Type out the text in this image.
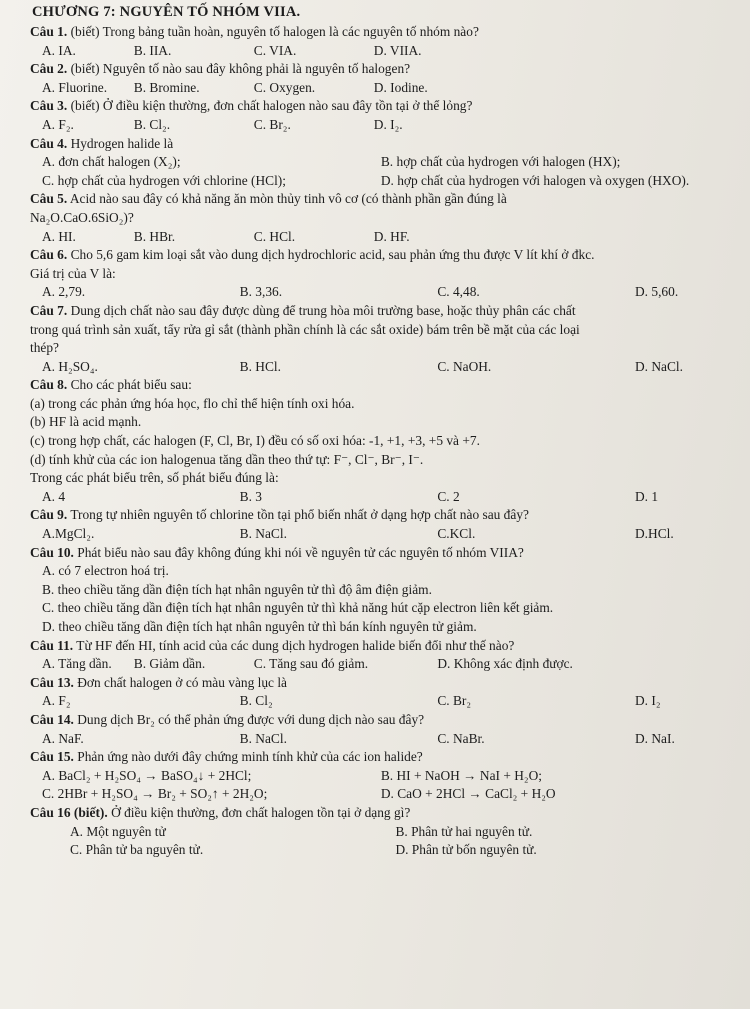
CHƯƠNG 7: NGUYÊN TỐ NHÓM VIIA.
Câu 1. (biết) Trong bảng tuần hoàn, nguyên tố halogen là các nguyên tố nhóm nào?
A. IA.	B. IIA.	C. VIA.	D. VIIA.
Câu 2. (biết) Nguyên tố nào sau đây không phải là nguyên tố halogen?
A. Fluorine.	B. Bromine.	C. Oxygen.	D. Iodine.
Câu 3. (biết) Ở điều kiện thường, đơn chất halogen nào sau đây tồn tại ở thể lỏng?
A. F₂.	B. Cl₂.	C. Br₂.	D. I₂.
Câu 4. Hydrogen halide là
A. đơn chất halogen (X₂);	B. hợp chất của hydrogen với halogen (HX);
C. hợp chất của hydrogen với chlorine (HCl);	D. hợp chất của hydrogen với halogen và oxygen (HXO).
Câu 5. Acid nào sau đây có khả năng ăn mòn thủy tinh vô cơ (có thành phần gần đúng là
Na₂O.CaO.6SiO₂)?
A. HI.	B. HBr.	C. HCl.	D. HF.
Câu 6. Cho 5,6 gam kim loại sắt vào dung dịch hydrochloric acid, sau phản ứng thu được V lít khí ở đkc.
Giá trị của V là:
A. 2,79.	B. 3,36.	C. 4,48.	D. 5,60.
Câu 7. Dung dịch chất nào sau đây được dùng để trung hòa môi trường base, hoặc thủy phân các chất
trong quá trình sản xuất, tẩy rửa gỉ sắt (thành phần chính là các sắt oxide) bám trên bề mặt của các loại
thép?
A. H₂SO₄.	B. HCl.	C. NaOH.	D. NaCl.
Câu 8. Cho các phát biểu sau:
(a) trong các phản ứng hóa học, flo chỉ thể hiện tính oxi hóa.
(b) HF là acid mạnh.
(c) trong hợp chất, các halogen (F, Cl, Br, I) đều có số oxi hóa: -1, +1, +3, +5 và +7.
(d) tính khử của các ion halogenua tăng dần theo thứ tự: F⁻, Cl⁻, Br⁻, I⁻.
Trong các phát biểu trên, số phát biểu đúng là:
A. 4	B. 3	C. 2	D. 1
Câu 9. Trong tự nhiên nguyên tố chlorine tồn tại phổ biến nhất ở dạng hợp chất nào sau đây?
A.MgCl₂.	B. NaCl.	C.KCl.	D.HCl.
Câu 10. Phát biểu nào sau đây không đúng khi nói về nguyên tử các nguyên tố nhóm VIIA?
A. có 7 electron hoá trị.
B. theo chiều tăng dần điện tích hạt nhân nguyên tử thì độ âm điện giảm.
C. theo chiều tăng dần điện tích hạt nhân nguyên tử thì khả năng hút cặp electron liên kết giảm.
D. theo chiều tăng dần điện tích hạt nhân nguyên tử thì bán kính nguyên tử giảm.
Câu 11. Từ HF đến HI, tính acid của các dung dịch hydrogen halide biến đổi như thế nào?
A. Tăng dần.	B. Giảm dần.	C. Tăng sau đó giảm.	D. Không xác định được.
Câu 13. Đơn chất halogen ở có màu vàng lục là
A. F₂	B. Cl₂	C. Br₂	D. I₂
Câu 14. Dung dịch Br₂ có thể phản ứng được với dung dịch nào sau đây?
A. NaF.	B. NaCl.	C. NaBr.	D. NaI.
Câu 15. Phản ứng nào dưới đây chứng minh tính khử của các ion halide?
A. BaCl₂ + H₂SO₄ → BaSO₄↓ + 2HCl;	B. HI + NaOH → NaI + H₂O;
C. 2HBr + H₂SO₄ → Br₂ + SO₂↑ + 2H₂O;	D. CaO + 2HCl → CaCl₂ + H₂O
Câu 16 (biết). Ở điều kiện thường, đơn chất halogen tồn tại ở dạng gì?
A. Một nguyên tử	B. Phân tử hai nguyên tử.
C. Phân tử ba nguyên tử.	D. Phân tử bốn nguyên tử.
